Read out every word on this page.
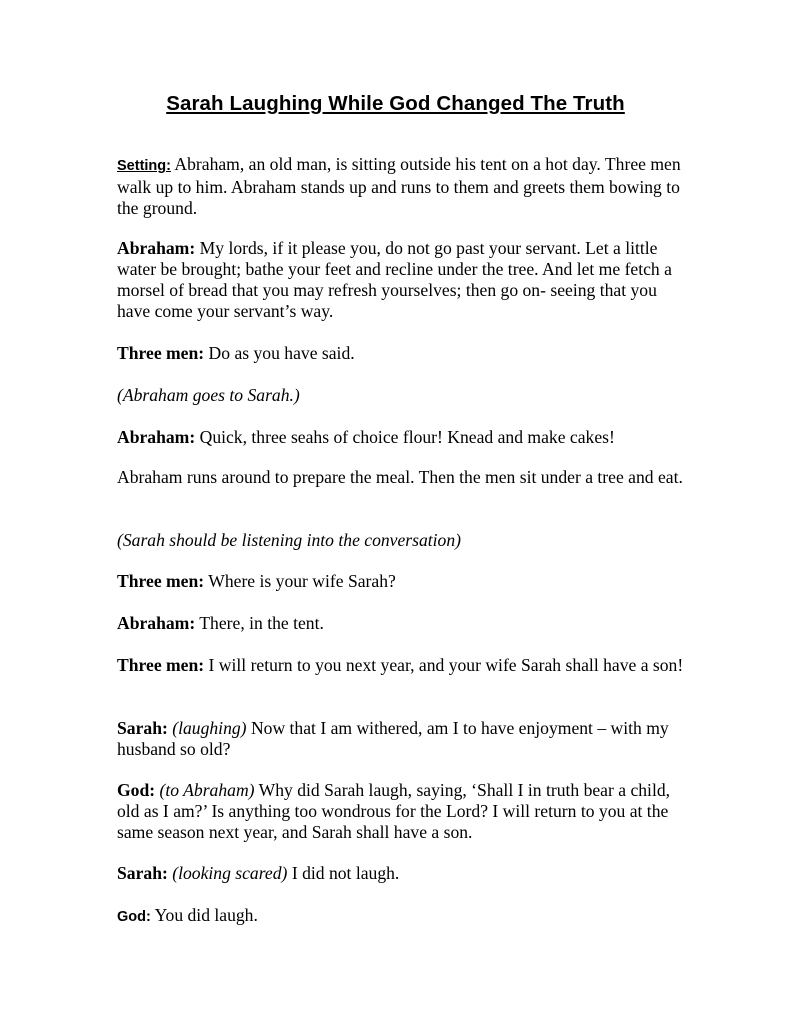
Sarah Laughing While God Changed The Truth

Setting: Abraham, an old man, is sitting outside his tent on a hot day. Three men walk up to him. Abraham stands up and runs to them and greets them bowing to the ground.

Abraham: My lords, if it please you, do not go past your servant. Let a little water be brought; bathe your feet and recline under the tree. And let me fetch a morsel of bread that you may refresh yourselves; then go on- seeing that you have come your servant’s way.

Three men: Do as you have said.

(Abraham goes to Sarah.)

Abraham: Quick, three seahs of choice flour! Knead and make cakes!

Abraham runs around to prepare the meal. Then the men sit under a tree and eat.

(Sarah should be listening into the conversation)

Three men: Where is your wife Sarah?

Abraham: There, in the tent.

Three men: I will return to you next year, and your wife Sarah shall have a son!

Sarah: (laughing) Now that I am withered, am I to have enjoyment – with my husband so old?

God: (to Abraham) Why did Sarah laugh, saying, ‘Shall I in truth bear a child, old as I am?’ Is anything too wondrous for the Lord? I will return to you at the same season next year, and Sarah shall have a son.

Sarah: (looking scared) I did not laugh.

God: You did laugh.
